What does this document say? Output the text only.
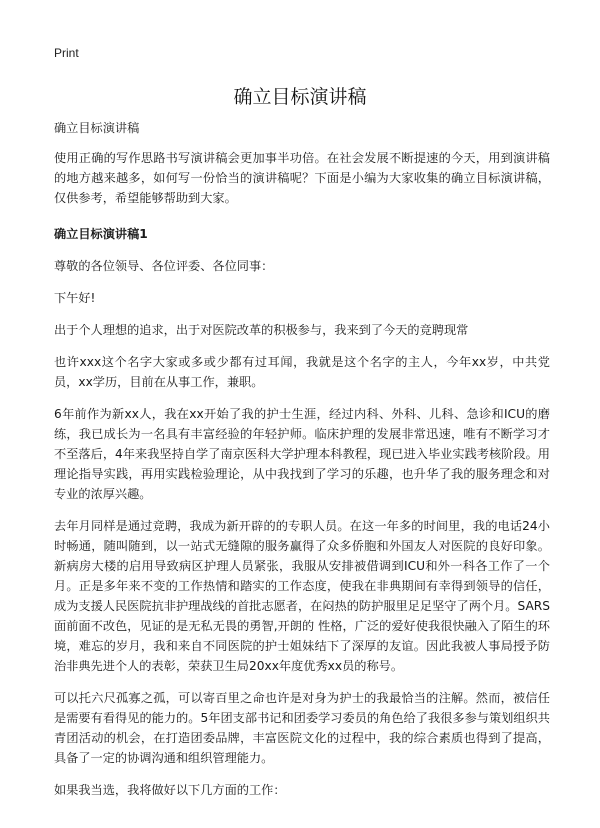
Print
确立目标演讲稿

确立目标演讲稿

使用正确的写作思路书写演讲稿会更加事半功倍。在社会发展不断提速的今天，用到演讲稿的地方越来越多，如何写一份恰当的演讲稿呢？下面是小编为大家收集的确立目标演讲稿，仅供参考，希望能够帮助到大家。

确立目标演讲稿1

尊敬的各位领导、各位评委、各位同事：

下午好!

出于个人理想的追求，出于对医院改革的积极参与，我来到了今天的竞聘现常

也许xxx这个名字大家或多或少都有过耳闻，我就是这个名字的主人，今年xx岁，中共党员，xx学历，目前在从事工作，兼职。

6年前作为新xx人，我在xx开始了我的护士生涯，经过内科、外科、儿科、急诊和ICU的磨练，我已成长为一名具有丰富经验的年轻护师。临床护理的发展非常迅速，唯有不断学习才不至落后，4年来我坚持自学了南京医科大学护理本科教程，现已进入毕业实践考核阶段。用理论指导实践，再用实践检验理论，从中我找到了学习的乐趣，也升华了我的服务理念和对专业的浓厚兴趣。

去年月同样是通过竞聘，我成为新开辟的的专职人员。在这一年多的时间里，我的电话24小时畅通，随叫随到，以一站式无缝隙的服务赢得了众多侨胞和外国友人对医院的良好印象。新病房大楼的启用导致病区护理人员紧张，我服从安排被借调到ICU和外一科各工作了一个月。正是多年来不变的工作热情和踏实的工作态度，使我在非典期间有幸得到领导的信任，成为支援人民医院抗非护理战线的首批志愿者，在闷热的防护服里足足坚守了两个月。SARS面前面不改色，见证的是无私无畏的勇智,开朗的 性格，广泛的爱好使我很快融入了陌生的环境，难忘的岁月，我和来自不同医院的护士姐妹结下了深厚的友谊。因此我被人事局授予防治非典先进个人的表彰，荣获卫生局20xx年度优秀xx员的称号。

可以托六尺孤寡之孤，可以寄百里之命也许是对身为护士的我最恰当的注解。然而，被信任是需要有看得见的能力的。5年团支部书记和团委学习委员的角色给了我很多参与策划组织共青团活动的机会，在打造团委品牌，丰富医院文化的过程中，我的综合素质也得到了提高，具备了一定的协调沟通和组织管理能力。

如果我当选，我将做好以下几方面的工作：
